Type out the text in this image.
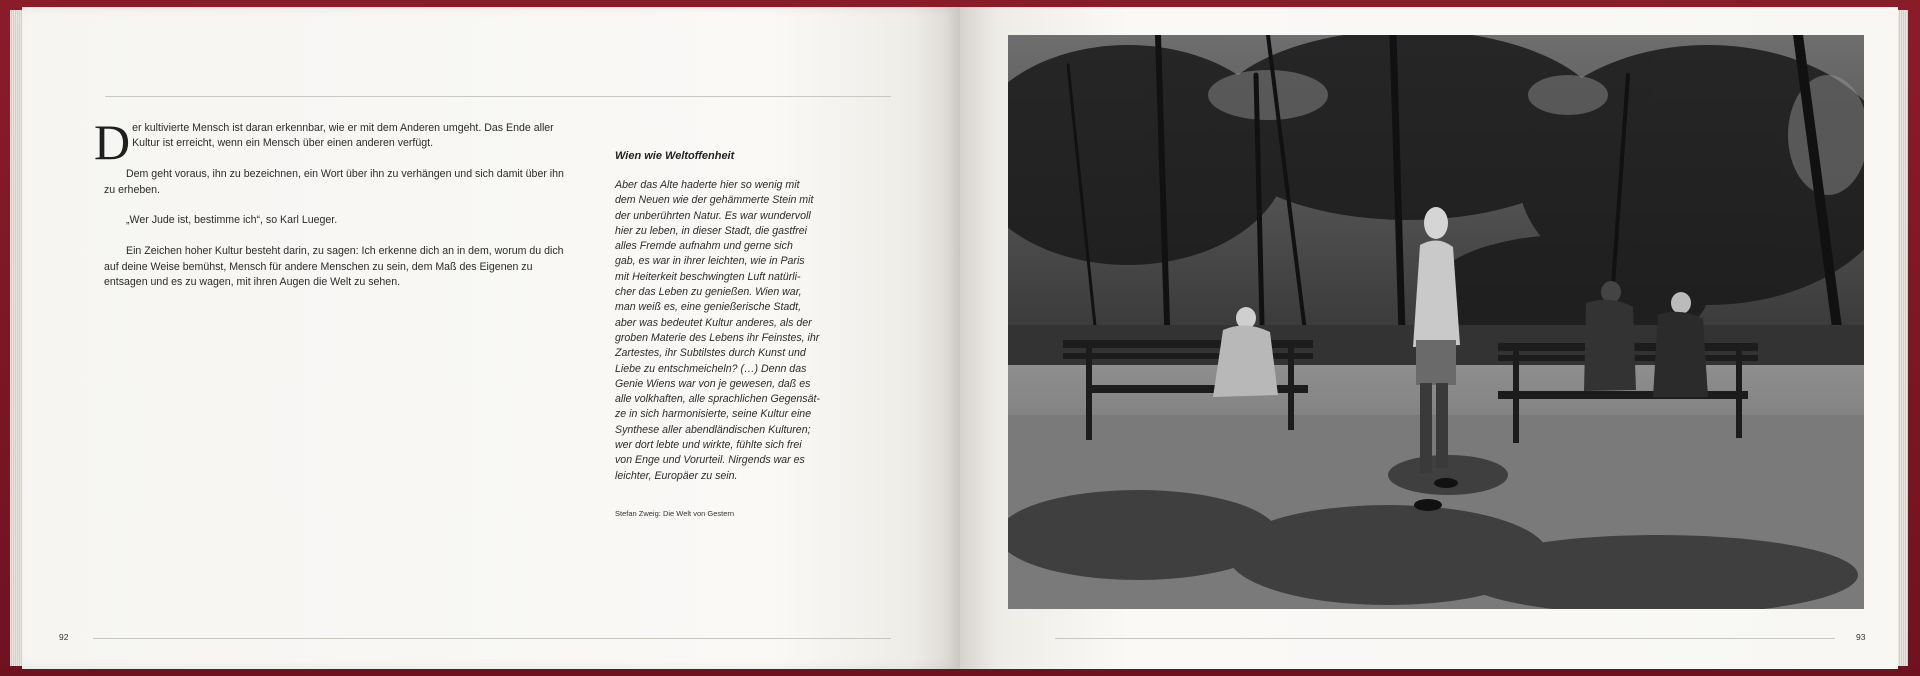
Der kultivierte Mensch ist daran erkennbar, wie er mit dem Anderen umgeht. Das Ende aller Kultur ist erreicht, wenn ein Mensch über einen anderen verfügt.

Dem geht voraus, ihn zu bezeichnen, ein Wort über ihn zu verhängen und sich damit über ihn zu erheben.

„Wer Jude ist, bestimme ich“, so Karl Lueger.

Ein Zeichen hoher Kultur besteht darin, zu sagen: Ich erkenne dich an in dem, worum du dich auf deine Weise bemühst, Mensch für andere Menschen zu sein, dem Maß des Eigenen zu entsagen und es zu wagen, mit ihren Augen die Welt zu sehen.

Wien wie Weltoffenheit
Aber das Alte haderte hier so wenig mit
dem Neuen wie der gehämmerte Stein mit
der unberührten Natur. Es war wundervoll
hier zu leben, in dieser Stadt, die gastfrei
alles Fremde aufnahm und gerne sich
gab, es war in ihrer leichten, wie in Paris
mit Heiterkeit beschwingten Luft natürli-
cher das Leben zu genießen. Wien war,
man weiß es, eine genießerische Stadt,
aber was bedeutet Kultur anderes, als der
groben Materie des Lebens ihr Feinstes, ihr
Zartestes, ihr Subtilstes durch Kunst und
Liebe zu entschmeicheln? (…) Denn das
Genie Wiens war von je gewesen, daß es
alle volkhaften, alle sprachlichen Gegensät-
ze in sich harmonisierte, seine Kultur eine
Synthese aller abendländischen Kulturen;
wer dort lebte und wirkte, fühlte sich frei
von Enge und Vorurteil. Nirgends war es
leichter, Europäer zu sein.
Stefan Zweig: Die Welt von Gestern
92	93
